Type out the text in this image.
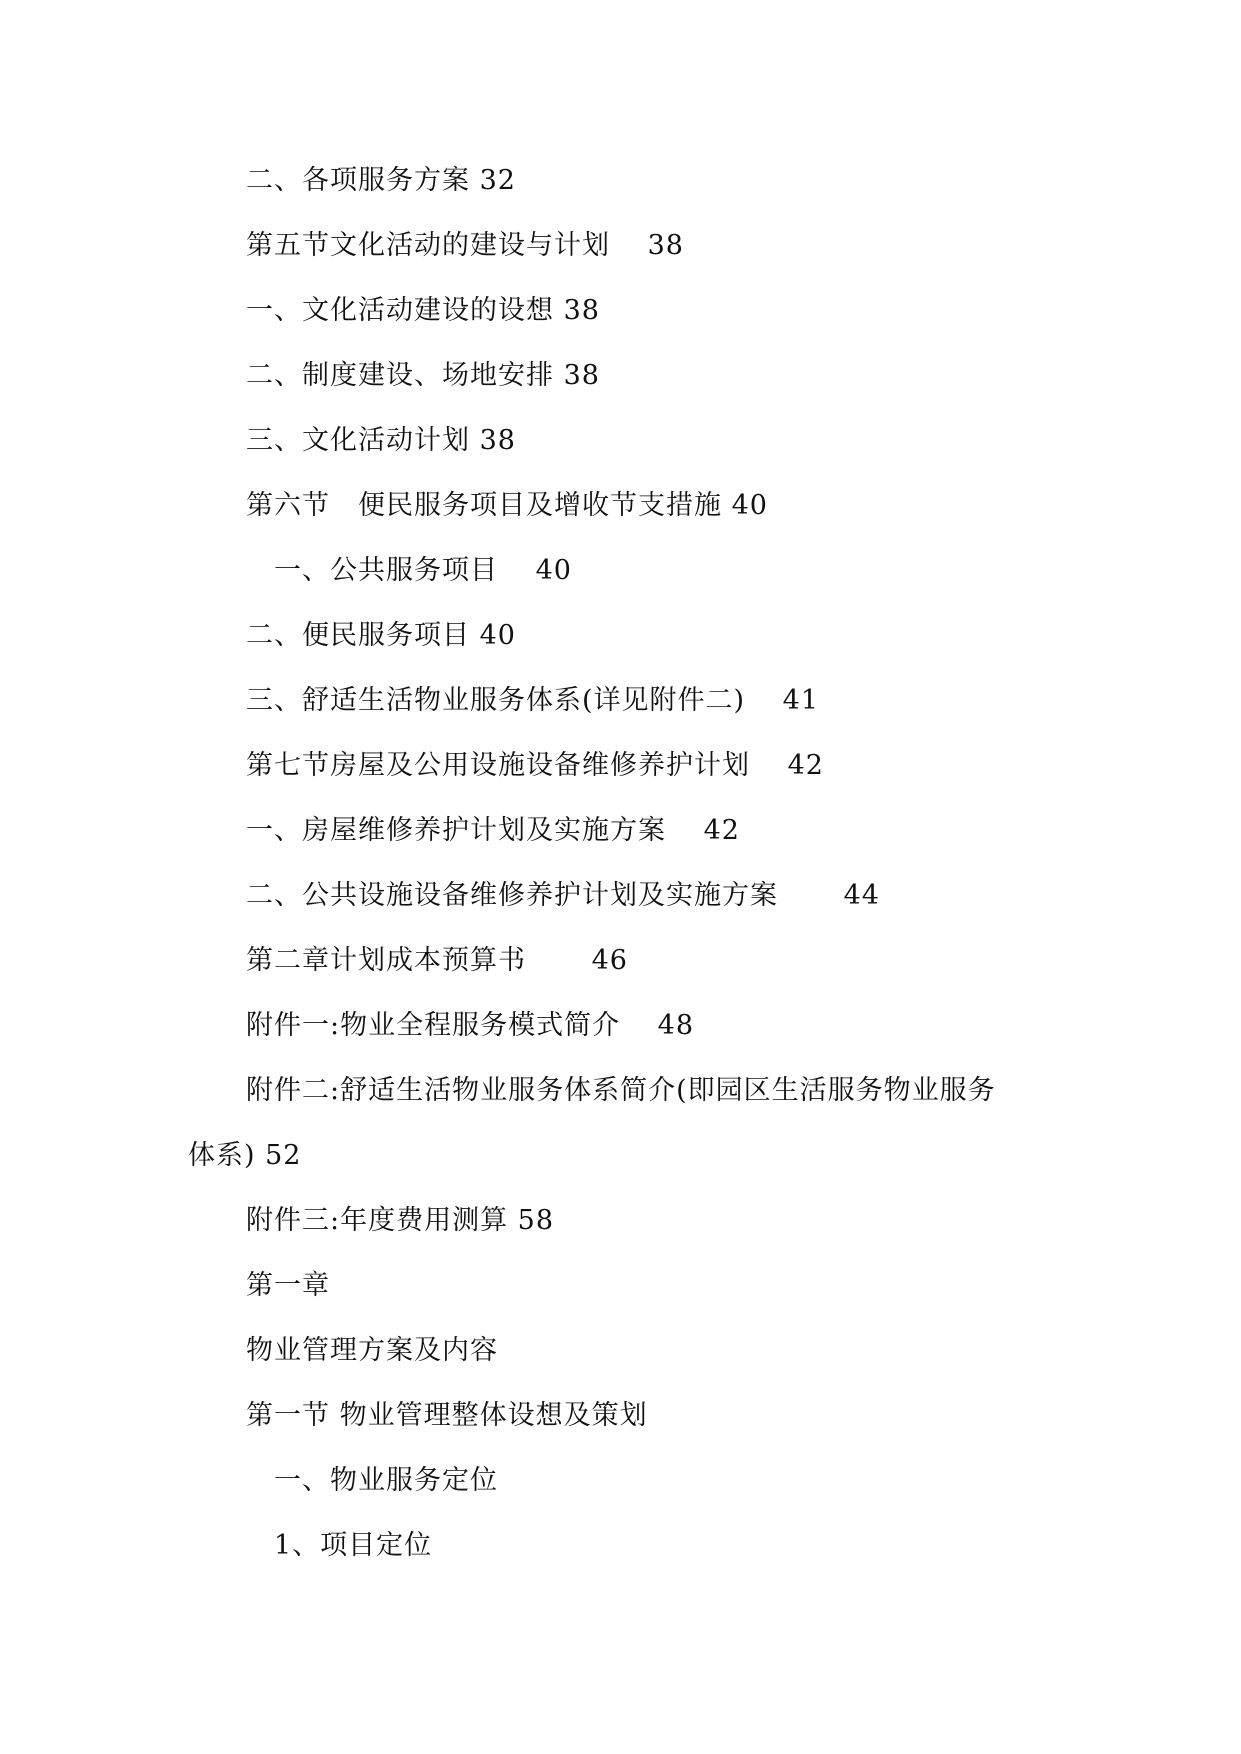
二、各项服务方案 32
第五节文化活动的建设与计划　 38
一、文化活动建设的设想 38
二、制度建设、场地安排 38
三、文化活动计划 38
第六节　便民服务项目及增收节支措施 40
　一、公共服务项目　 40
二、便民服务项目 40
三、舒适生活物业服务体系(详见附件二)　 41
第七节房屋及公用设施设备维修养护计划　 42
一、房屋维修养护计划及实施方案　 42
二、公共设施设备维修养护计划及实施方案　　 44
第二章计划成本预算书　　 46
附件一:物业全程服务模式简介　 48
附件二:舒适生活物业服务体系简介(即园区生活服务物业服务
体系) 52
附件三:年度费用测算 58
第一章
物业管理方案及内容
第一节 物业管理整体设想及策划
　一、物业服务定位
　1、项目定位
